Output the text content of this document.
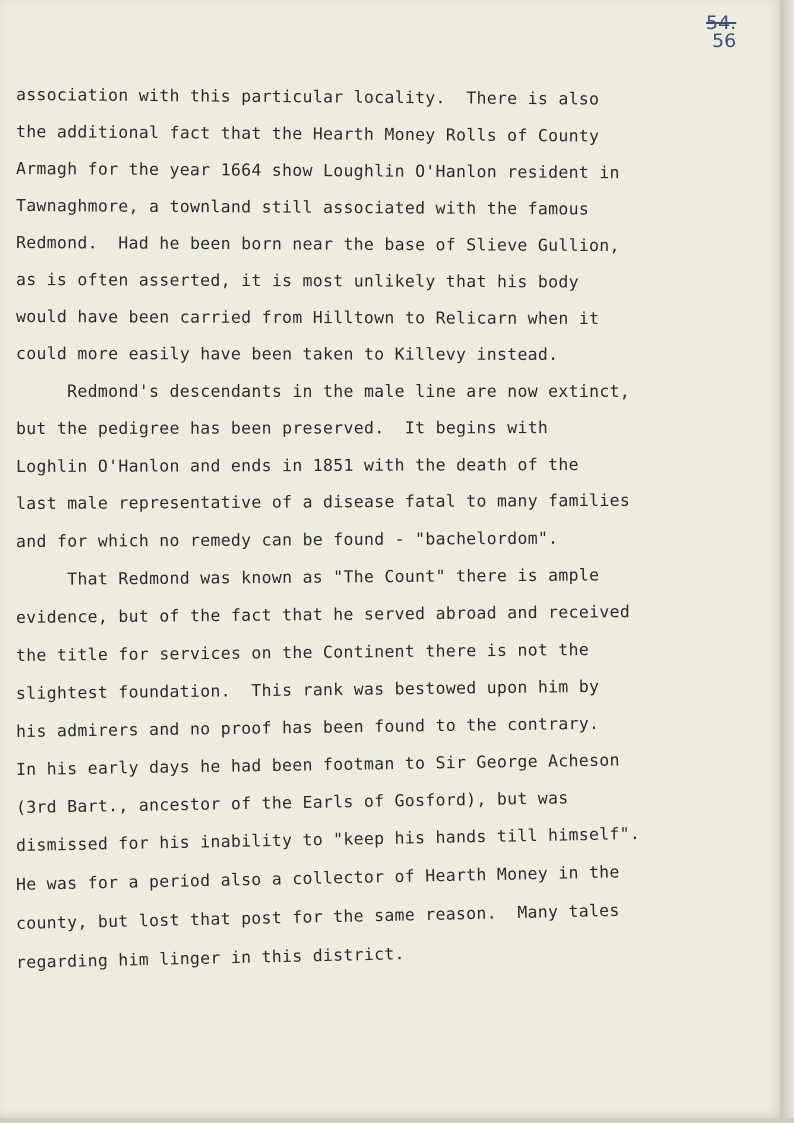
54.
56
association with this particular locality.  There is also
the additional fact that the Hearth Money Rolls of County
Armagh for the year 1664 show Loughlin O'Hanlon resident in
Tawnaghmore, a townland still associated with the famous
Redmond.  Had he been born near the base of Slieve Gullion,
as is often asserted, it is most unlikely that his body
would have been carried from Hilltown to Relicarn when it
could more easily have been taken to Killevy instead.
Redmond's descendants in the male line are now extinct,
but the pedigree has been preserved.  It begins with
Loghlin O'Hanlon and ends in 1851 with the death of the
last male representative of a disease fatal to many families
and for which no remedy can be found - "bachelordom".
That Redmond was known as "The Count" there is ample
evidence, but of the fact that he served abroad and received
the title for services on the Continent there is not the
slightest foundation.  This rank was bestowed upon him by
his admirers and no proof has been found to the contrary.
In his early days he had been footman to Sir George Acheson
(3rd Bart., ancestor of the Earls of Gosford), but was
dismissed for his inability to "keep his hands till himself".
He was for a period also a collector of Hearth Money in the
county, but lost that post for the same reason.  Many tales
regarding him linger in this district.
